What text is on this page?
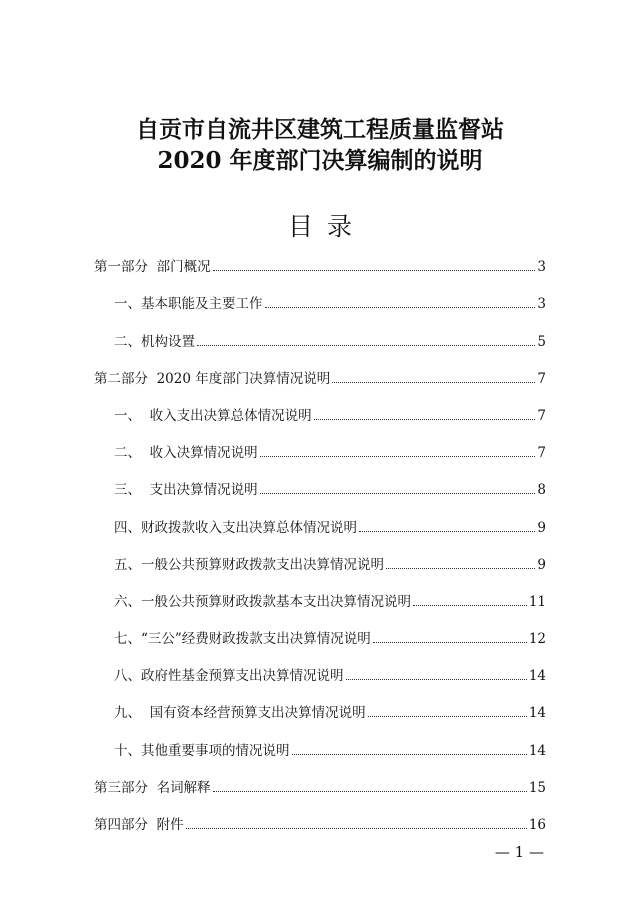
自贡市自流井区建筑工程质量监督站
2020 年度部门决算编制的说明
目录
第一部分  部门概况	3
一、基本职能及主要工作	3
二、机构设置	5
第二部分  2020 年度部门决算情况说明	7
一、  收入支出决算总体情况说明	7
二、  收入决算情况说明	7
三、  支出决算情况说明	8
四、财政拨款收入支出决算总体情况说明	9
五、一般公共预算财政拨款支出决算情况说明	9
六、一般公共预算财政拨款基本支出决算情况说明	11
七、“三公”经费财政拨款支出决算情况说明	12
八、政府性基金预算支出决算情况说明	14
九、  国有资本经营预算支出决算情况说明	14
十、其他重要事项的情况说明	14
第三部分  名词解释	15
第四部分  附件	16
— 1 —
